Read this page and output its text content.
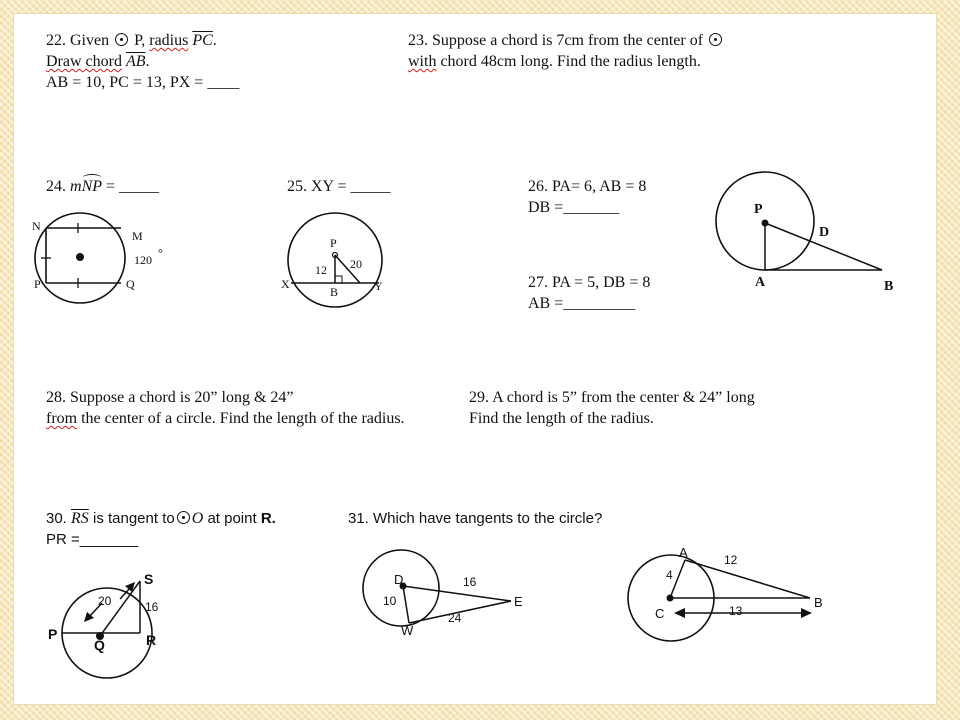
22. Given  P, radius $\overline{PC}$.

Draw chord $\overline{AB}$.

AB = 10, PC = 13, PX = ____

23. Suppose a chord is 7cm from the center of

with chord 48cm long. Find the radius length.

24. m
NP = _____

N
M
P	Q
120 °

25. XY = _____

P
X	Y
B
12 20

26. PA= 6, AB = 8

DB =_______

27. PA = 5, DB = 8

AB =_________

P
D
A	B

28. Suppose a chord is 20” long & 24”

from the center of a circle. Find the length of the radius.

29. A chord is 5” from the center & 24” long

Find the length of the radius.

30. $\overline{RS}$ is tangent to O at point R.

PR =_______

S
P
Q	R
20	16

31. Which have tangents to the circle?

D
E
W
10
16
24
A
B
C
4
12
13
